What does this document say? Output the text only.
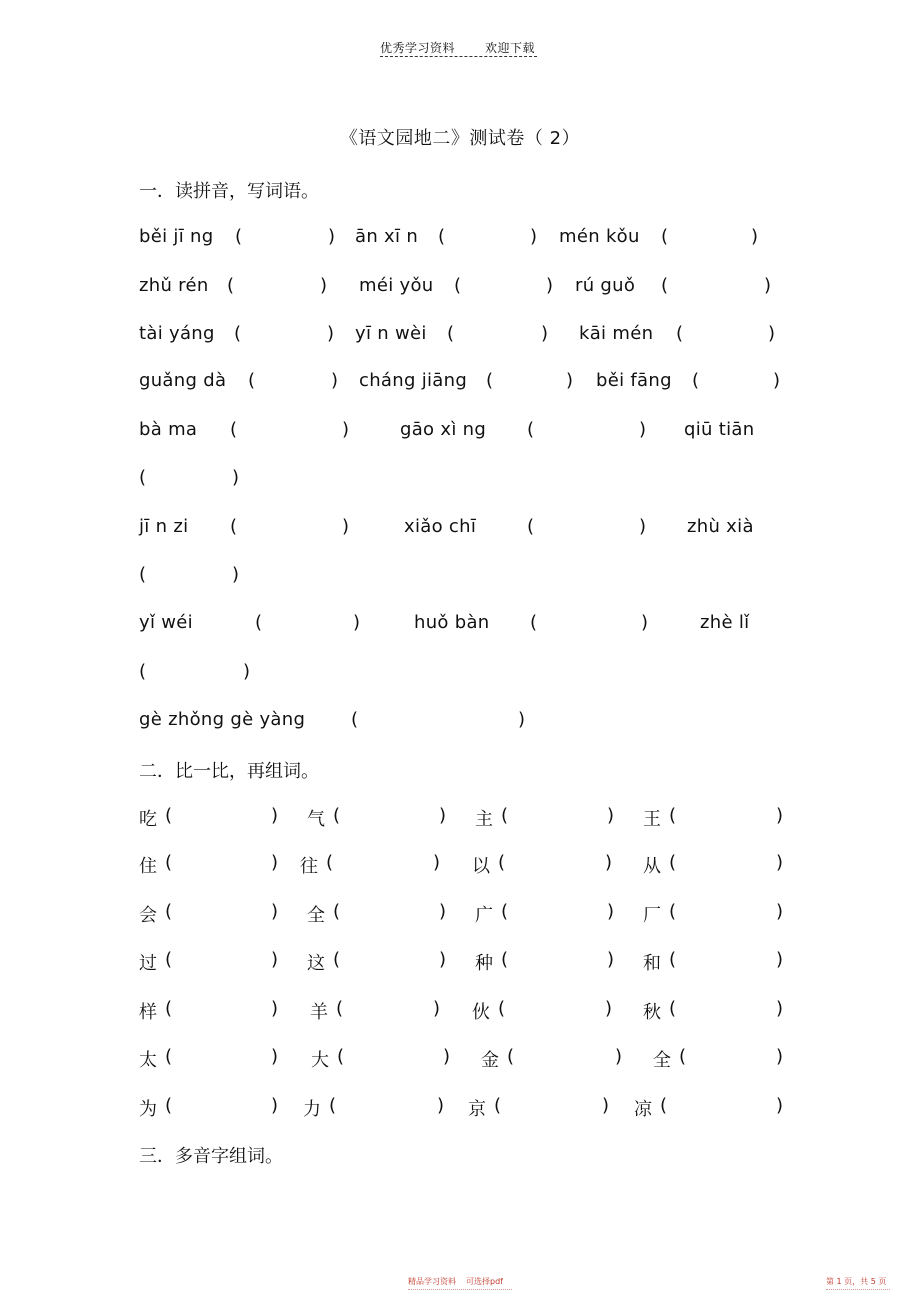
优秀学习资料	欢迎下载
《语文园地二》测试卷（ 2）
一．读拼音，写词语。
běi jī ng (	) ān xī n (	) mén kǒu (	)
zhǔ rén (	) méi yǒu (	) rú guǒ (	)
tài yáng (	) yī n wèi (	) kāi mén (	)
guǎng dà (	) cháng jiāng (	) běi fāng (	)
bà ma (	)	gāo xì ng (	) qiū tiān
(	)
jī n zi (	)	xiǎo chī	(	) zhù xià
(	)
yǐ wéi	(	)	huǒ bàn (	)	zhè lǐ
(	)
gè zhǒng gè yàng	(	)
二．比一比，再组词。
吃 (	) 气 (	) 主 (	) 王 (	)
住 (	) 往 (	) 以 (	) 从 (	)
会 (	) 全 (	) 广 (	) 厂 (	)
过 (	) 这 (	) 种 (	) 和 (	)
样 (	) 羊 (	) 伙 (	) 秋 (	)
太 (	) 大 (	) 金 (	) 全 (	)
为 (	) 力 (	) 京 (	) 凉 (	)
三．多音字组词。
精品学习资料 可选择pdf	第 1 页，共 5 页
